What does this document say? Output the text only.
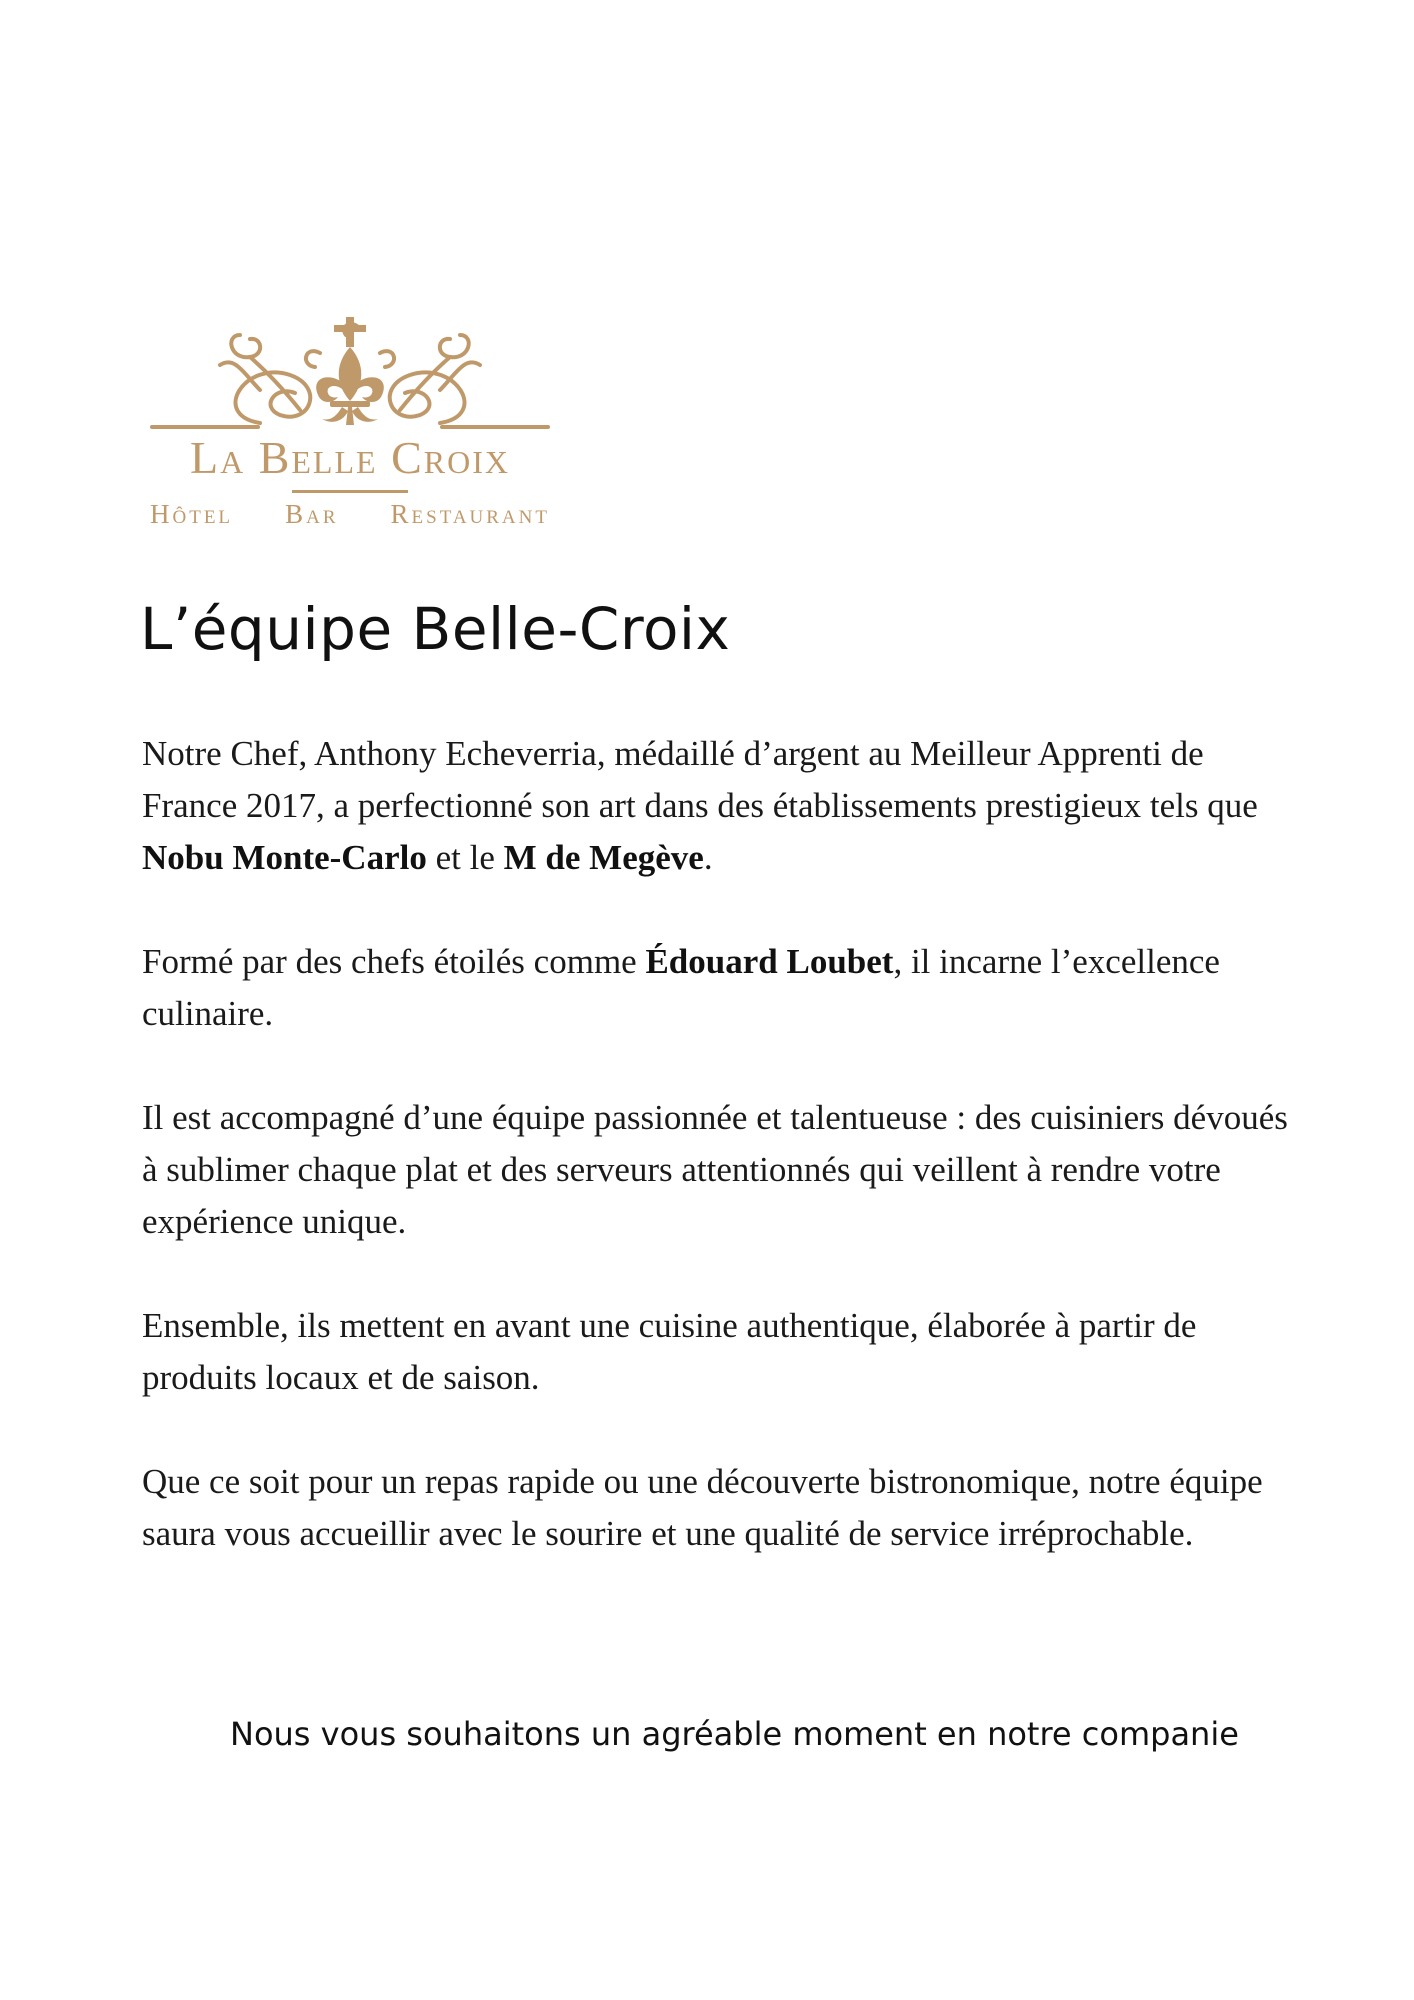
La Belle Croix
Hôtel Bar Restaurant
L’équipe Belle-Croix

Notre Chef, Anthony Echeverria, médaillé d’argent au Meilleur Apprenti de France 2017, a perfectionné son art dans des établissements prestigieux tels que Nobu Monte-Carlo et le M de Megève.

Formé par des chefs étoilés comme Édouard Loubet, il incarne l’excellence culinaire.

Il est accompagné d’une équipe passionnée et talentueuse : des cuisiniers dévoués à sublimer chaque plat et des serveurs attentionnés qui veillent à rendre votre expérience unique.

Ensemble, ils mettent en avant une cuisine authentique, élaborée à partir de produits locaux et de saison.

Que ce soit pour un repas rapide ou une découverte bistronomique, notre équipe saura vous accueillir avec le sourire et une qualité de service irréprochable.

Nous vous souhaitons un agréable moment en notre companie
